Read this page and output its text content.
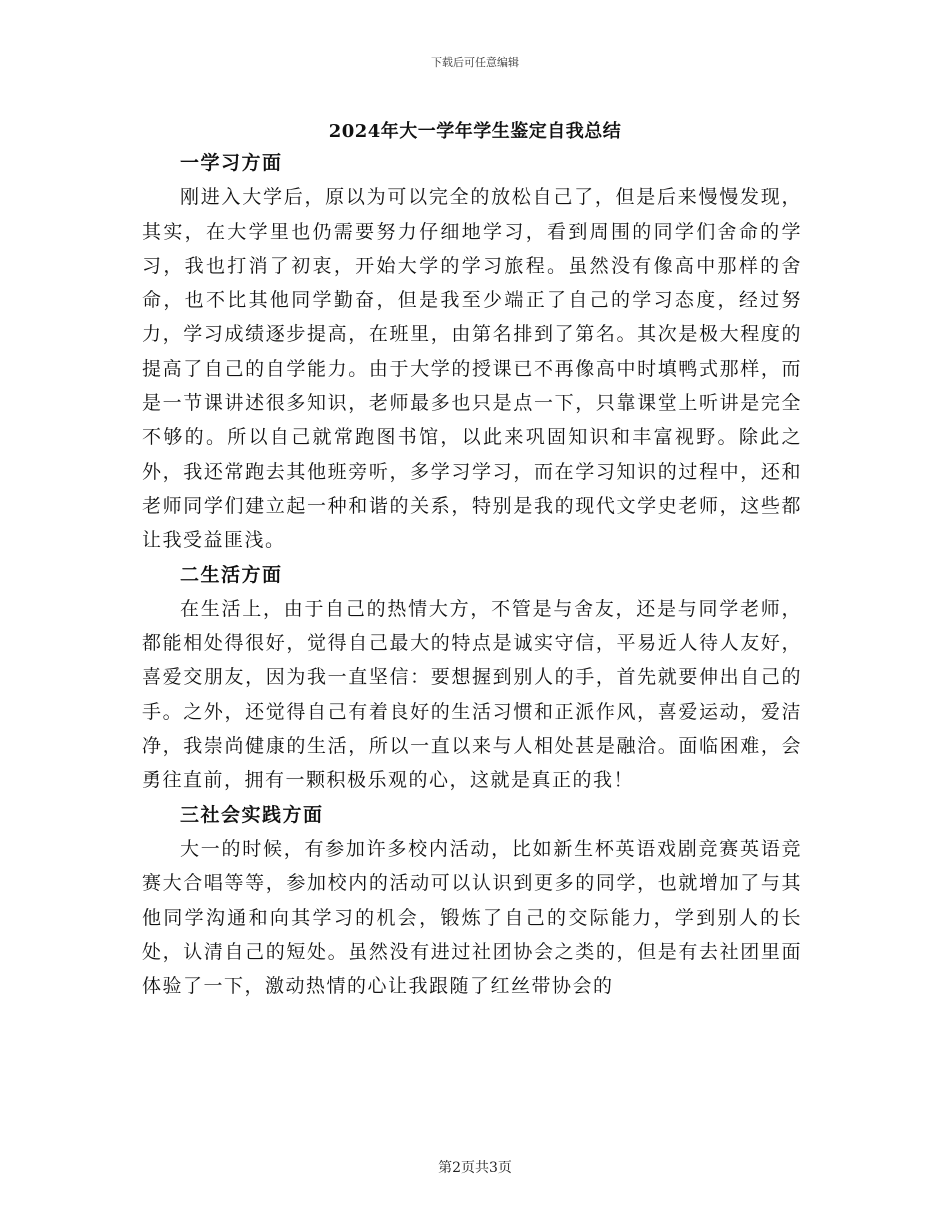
下载后可任意编辑
2024年大一学年学生鉴定自我总结
一学习方面

刚进入大学后，原以为可以完全的放松自己了，但是后来慢慢发现，其实，在大学里也仍需要努力仔细地学习，看到周围的同学们舍命的学习，我也打消了初衷，开始大学的学习旅程。虽然没有像高中那样的舍命，也不比其他同学勤奋，但是我至少端正了自己的学习态度，经过努力，学习成绩逐步提高，在班里，由第名排到了第名。其次是极大程度的提高了自己的自学能力。由于大学的授课已不再像高中时填鸭式那样，而是一节课讲述很多知识，老师最多也只是点一下，只靠课堂上听讲是完全不够的。所以自己就常跑图书馆，以此来巩固知识和丰富视野。除此之外，我还常跑去其他班旁听，多学习学习，而在学习知识的过程中，还和老师同学们建立起一种和谐的关系，特别是我的现代文学史老师，这些都让我受益匪浅。

二生活方面

在生活上，由于自己的热情大方，不管是与舍友，还是与同学老师，都能相处得很好，觉得自己最大的特点是诚实守信，平易近人待人友好，喜爱交朋友，因为我一直坚信：要想握到别人的手，首先就要伸出自己的手。之外，还觉得自己有着良好的生活习惯和正派作风，喜爱运动，爱洁净，我崇尚健康的生活，所以一直以来与人相处甚是融洽。面临困难，会勇往直前，拥有一颗积极乐观的心，这就是真正的我！

三社会实践方面

大一的时候，有参加许多校内活动，比如新生杯英语戏剧竞赛英语竞赛大合唱等等，参加校内的活动可以认识到更多的同学，也就增加了与其他同学沟通和向其学习的机会，锻炼了自己的交际能力，学到别人的长处，认清自己的短处。虽然没有进过社团协会之类的，但是有去社团里面体验了一下，激动热情的心让我跟随了红丝带协会的

第2页共3页
